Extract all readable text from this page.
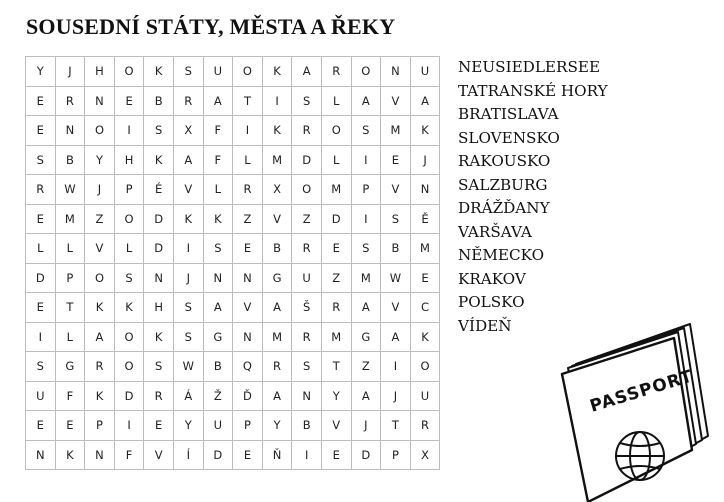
SOUSEDNÍ STÁTY, MĚSTA A ŘEKY
Y	J	H	O	K	S	U	O	K	A	R	O	N	U
E	R	N	E	B	R	A	T	I	S	L	A	V	A
E	N	O	I	S	X	F	I	K	R	O	S	M	K
S	B	Y	H	K	A	F	L	M	D	L	I	E	J
R	W	J	P	É	V	L	R	X	O	M	P	V	N
E	M	Z	O	D	K	K	Z	V	Z	D	I	S	Ě
L	L	V	L	D	I	S	E	B	R	E	S	B	M
D	P	O	S	N	J	N	N	G	U	Z	M	W	E
E	T	K	K	H	S	A	V	A	Š	R	A	V	C
I	L	A	O	K	S	G	N	M	R	M	G	A	K
S	G	R	O	S	W	B	Q	R	S	T	Z	I	O
U	F	K	D	R	Á	Ž	Ď	A	N	Y	A	J	U
E	E	P	I	E	Y	U	P	Y	B	V	J	T	R
N	K	N	F	V	Í	D	E	Ň	I	E	D	P	X
NEUSIEDLERSEE
TATRANSKÉ HORY
BRATISLAVA
SLOVENSKO
RAKOUSKO
SALZBURG
DRÁŽĎANY
VARŠAVA
NĚMECKO
KRAKOV
POLSKO
VÍDEŇ
PASSPORT
